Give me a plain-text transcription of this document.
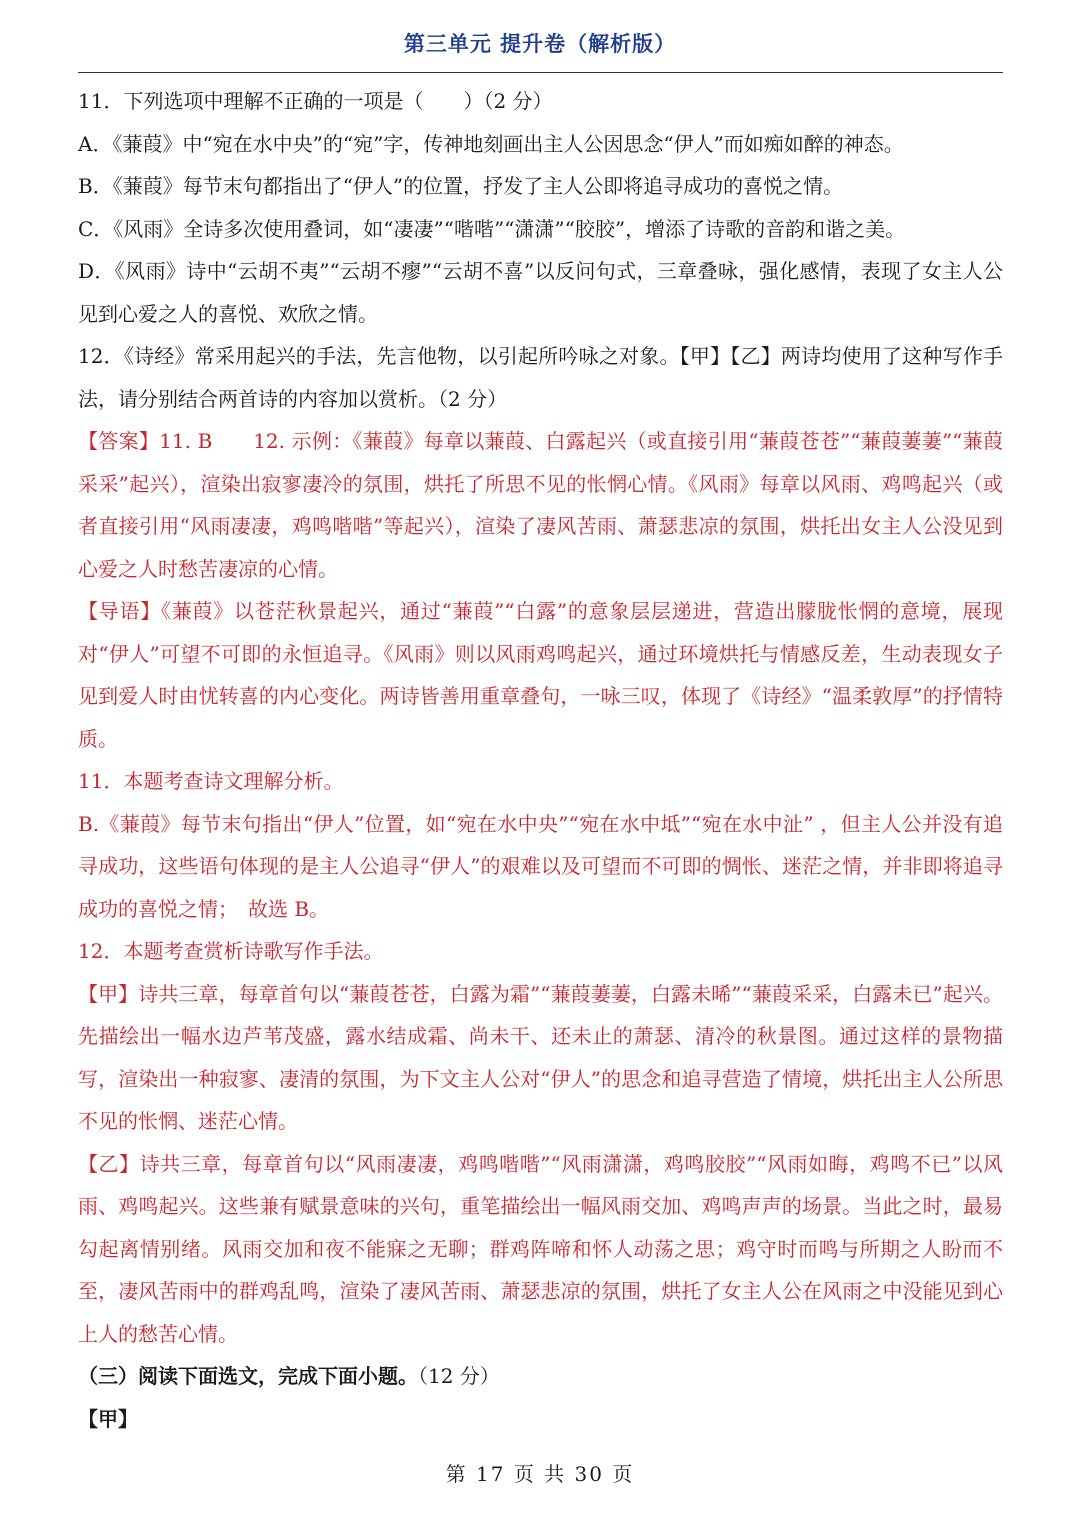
第三单元 提升卷（解析版）

11．下列选项中理解不正确的一项是（　　）（2 分）

A．《蒹葭》中“宛在水中央”的“宛”字，传神地刻画出主人公因思念“伊人”而如痴如醉的神态。

B．《蒹葭》每节末句都指出了“伊人”的位置，抒发了主人公即将追寻成功的喜悦之情。

C．《风雨》全诗多次使用叠词，如“凄凄”“喈喈”“潇潇”“胶胶”，增添了诗歌的音韵和谐之美。

D．《风雨》诗中“云胡不夷”“云胡不瘳”“云胡不喜”以反问句式，三章叠咏，强化感情，表现了女主人公见到心爱之人的喜悦、欢欣之情。

12．《诗经》常采用起兴的手法，先言他物，以引起所吟咏之对象。【甲】【乙】两诗均使用了这种写作手法，请分别结合两首诗的内容加以赏析。（2 分）

【答案】11. B　　12. 示例：《蒹葭》每章以蒹葭、白露起兴（或直接引用“蒹葭苍苍”“蒹葭萋萋”“蒹葭采采”起兴），渲染出寂寥凄冷的氛围，烘托了所思不见的怅惘心情。《风雨》每章以风雨、鸡鸣起兴（或者直接引用“风雨凄凄，鸡鸣喈喈”等起兴），渲染了凄风苦雨、萧瑟悲凉的氛围，烘托出女主人公没见到心爱之人时愁苦凄凉的心情。

【导语】《蒹葭》以苍茫秋景起兴，通过“蒹葭”“白露”的意象层层递进，营造出朦胧怅惘的意境，展现对“伊人”可望不可即的永恒追寻。《风雨》则以风雨鸡鸣起兴，通过环境烘托与情感反差，生动表现女子见到爱人时由忧转喜的内心变化。两诗皆善用重章叠句，一咏三叹，体现了《诗经》“温柔敦厚”的抒情特质。

11．本题考查诗文理解分析。

B.《蒹葭》每节末句指出“伊人”位置，如“宛在水中央”“宛在水中坻”“宛在水中沚” ，但主人公并没有追寻成功，这些语句体现的是主人公追寻“伊人”的艰难以及可望而不可即的惆怅、迷茫之情，并非即将追寻成功的喜悦之情；　故选 B。

12．本题考查赏析诗歌写作手法。

【甲】诗共三章，每章首句以“蒹葭苍苍，白露为霜”“蒹葭萋萋，白露未晞”“蒹葭采采，白露未已”起兴。先描绘出一幅水边芦苇茂盛，露水结成霜、尚未干、还未止的萧瑟、清冷的秋景图。通过这样的景物描写，渲染出一种寂寥、凄清的氛围，为下文主人公对“伊人”的思念和追寻营造了情境，烘托出主人公所思不见的怅惘、迷茫心情。

【乙】诗共三章，每章首句以“风雨凄凄，鸡鸣喈喈”“风雨潇潇，鸡鸣胶胶”“风雨如晦，鸡鸣不已”以风雨、鸡鸣起兴。这些兼有赋景意味的兴句，重笔描绘出一幅风雨交加、鸡鸣声声的场景。当此之时，最易勾起离情别绪。风雨交加和夜不能寐之无聊；群鸡阵啼和怀人动荡之思；鸡守时而鸣与所期之人盼而不至，凄风苦雨中的群鸡乱鸣，渲染了凄风苦雨、萧瑟悲凉的氛围，烘托了女主人公在风雨之中没能见到心上人的愁苦心情。

（三）阅读下面选文，完成下面小题。（12 分）

【甲】

第 17 页 共 30 页
